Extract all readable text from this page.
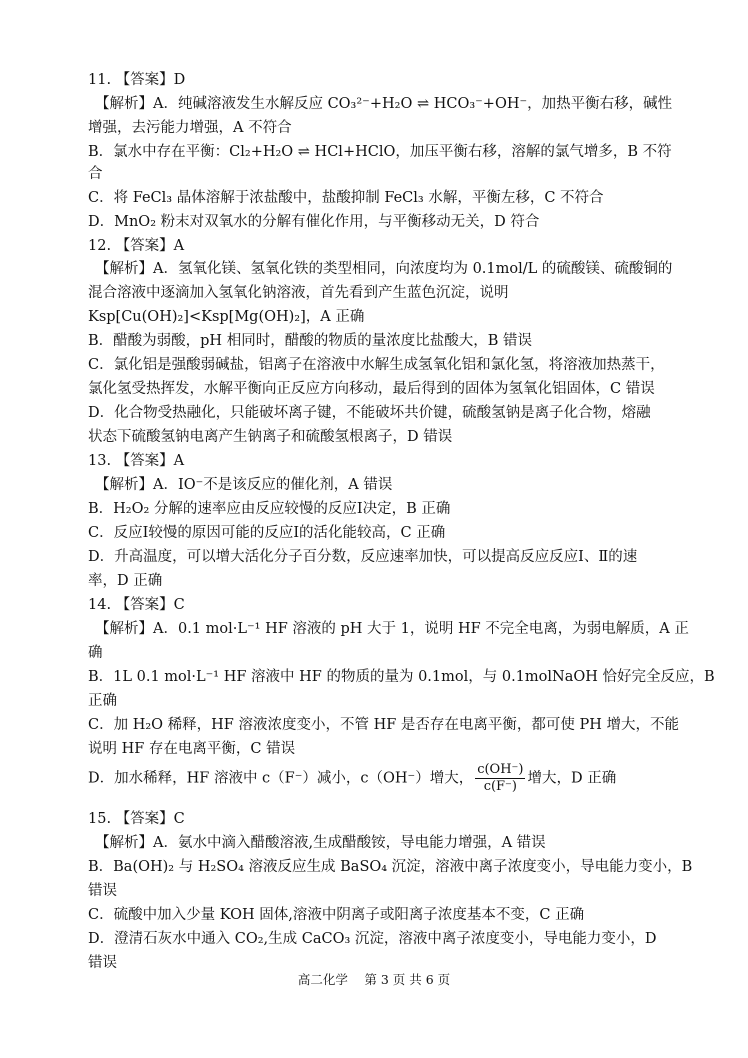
11. 【答案】D
【解析】A．纯碱溶液发生水解反应 CO₃²⁻+H₂O ⇌ HCO₃⁻+OH⁻，加热平衡右移，碱性
增强，去污能力增强，A 不符合
B．氯水中存在平衡：Cl₂+H₂O ⇌ HCl+HClO，加压平衡右移，溶解的氯气增多，B 不符
合
C．将 FeCl₃ 晶体溶解于浓盐酸中，盐酸抑制 FeCl₃ 水解，平衡左移，C 不符合
D．MnO₂ 粉末对双氧水的分解有催化作用，与平衡移动无关，D 符合
12. 【答案】A
【解析】A．氢氧化镁、氢氧化铁的类型相同，向浓度均为 0.1mol/L 的硫酸镁、硫酸铜的
混合溶液中逐滴加入氢氧化钠溶液，首先看到产生蓝色沉淀，说明
Ksp[Cu(OH)₂]<Ksp[Mg(OH)₂]，A 正确
B．醋酸为弱酸，pH 相同时，醋酸的物质的量浓度比盐酸大，B 错误
C．氯化铝是强酸弱碱盐，铝离子在溶液中水解生成氢氧化铝和氯化氢，将溶液加热蒸干，
氯化氢受热挥发，水解平衡向正反应方向移动，最后得到的固体为氢氧化铝固体，C 错误
D．化合物受热融化，只能破坏离子键，不能破坏共价键，硫酸氢钠是离子化合物，熔融
状态下硫酸氢钠电离产生钠离子和硫酸氢根离子，D 错误
13. 【答案】A
【解析】A．IO⁻不是该反应的催化剂，A 错误
B．H₂O₂ 分解的速率应由反应较慢的反应Ⅰ决定，B 正确
C．反应Ⅰ较慢的原因可能的反应Ⅰ的活化能较高，C 正确
D．升高温度，可以增大活化分子百分数，反应速率加快，可以提高反应反应Ⅰ、Ⅱ的速
率，D 正确
14. 【答案】C
【解析】A．0.1 mol·L⁻¹ HF 溶液的 pH 大于 1，说明 HF 不完全电离，为弱电解质，A 正
确
B．1L 0.1 mol·L⁻¹ HF 溶液中 HF 的物质的量为 0.1mol，与 0.1molNaOH 恰好完全反应，B
正确
C．加 H₂O 稀释，HF 溶液浓度变小，不管 HF 是否存在电离平衡，都可使 PH 增大，不能
说明 HF 存在电离平衡，C 错误
D．加水稀释，HF 溶液中 c（F⁻）减小，c（OH⁻）增大， $\frac{c(OH^-)}{c(F^-)}$ 增大，D 正确
15. 【答案】C
【解析】A．氨水中滴入醋酸溶液,生成醋酸铵，导电能力增强，A 错误
B．Ba(OH)₂ 与 H₂SO₄ 溶液反应生成 BaSO₄ 沉淀，溶液中离子浓度变小，导电能力变小，B
错误
C．硫酸中加入少量 KOH 固体,溶液中阴离子或阳离子浓度基本不变，C 正确
D．澄清石灰水中通入 CO₂,生成 CaCO₃ 沉淀，溶液中离子浓度变小，导电能力变小，D
错误
高二化学　 第 3 页 共 6 页
